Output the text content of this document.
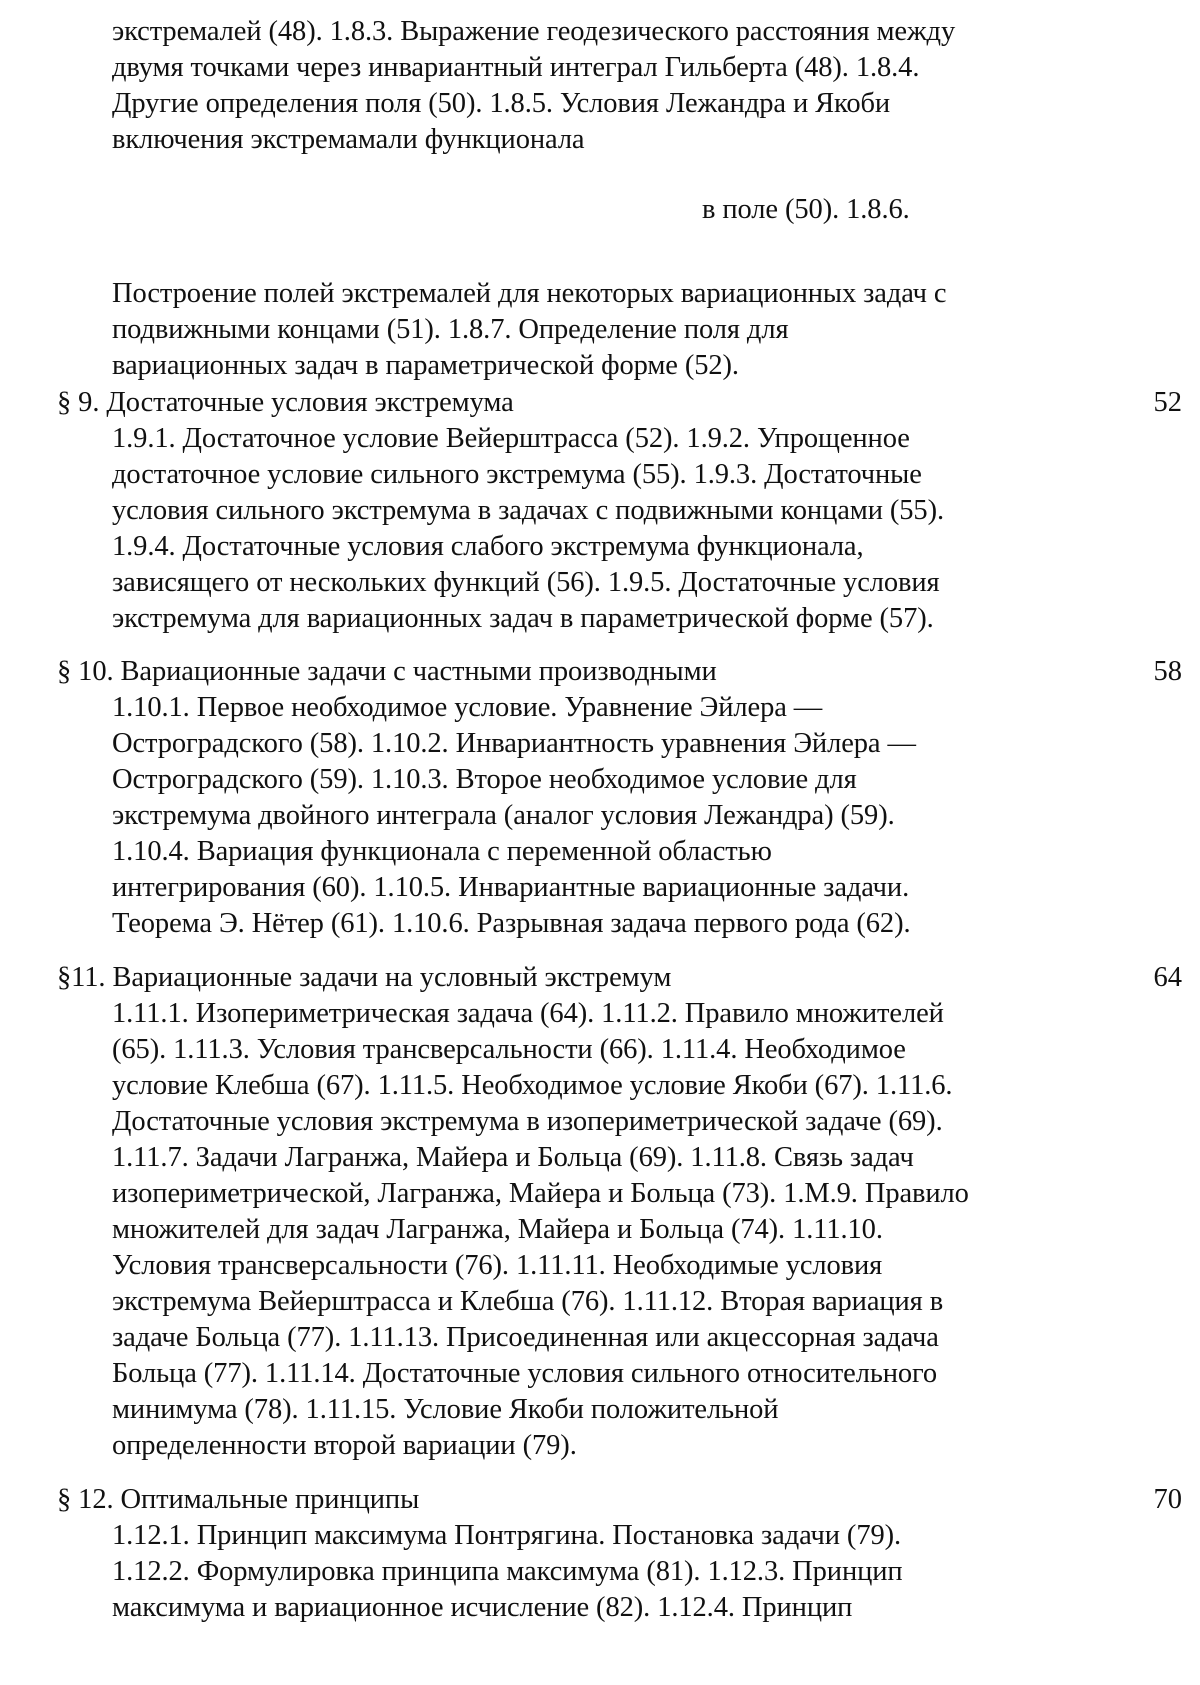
экстремалей (48). 1.8.3. Выражение геодезического расстояния между
двумя точками через инвариантный интеграл Гильберта (48). 1.8.4.
Другие определения поля (50). 1.8.5. Условия Лежандра и Якоби
включения экстремамали функционала
в поле (50). 1.8.6.
Построение полей экстремалей для некоторых вариационных задач с
подвижными концами (51). 1.8.7. Определение поля для
вариационных задач в параметрической форме (52).
§ 9. Достаточные условия экстремума	52
1.9.1. Достаточное условие Вейерштрасса (52). 1.9.2. Упрощенное
достаточное условие сильного экстремума (55). 1.9.3. Достаточные
условия сильного экстремума в задачах с подвижными концами (55).
1.9.4. Достаточные условия слабого экстремума функционала,
зависящего от нескольких функций (56). 1.9.5. Достаточные условия
экстремума для вариационных задач в параметрической форме (57).
§ 10. Вариационные задачи с частными производными	58
1.10.1. Первое необходимое условие. Уравнение Эйлера —
Остроградского (58). 1.10.2. Инвариантность уравнения Эйлера —
Остроградского (59). 1.10.3. Второе необходимое условие для
экстремума двойного интеграла (аналог условия Лежандра) (59).
1.10.4. Вариация функционала с переменной областью
интегрирования (60). 1.10.5. Инвариантные вариационные задачи.
Теорема Э. Нётер (61). 1.10.6. Разрывная задача первого рода (62).
§11. Вариационные задачи на условный экстремум	64
1.11.1. Изопериметрическая задача (64). 1.11.2. Правило множителей
(65). 1.11.3. Условия трансверсальности (66). 1.11.4. Необходимое
условие Клебша (67). 1.11.5. Необходимое условие Якоби (67). 1.11.6.
Достаточные условия экстремума в изопериметрической задаче (69).
1.11.7. Задачи Лагранжа, Майера и Больца (69). 1.11.8. Связь задач
изопериметрической, Лагранжа, Майера и Больца (73). 1.М.9. Правило
множителей для задач Лагранжа, Майера и Больца (74). 1.11.10.
Условия трансверсальности (76). 1.11.11. Необходимые условия
экстремума Вейерштрасса и Клебша (76). 1.11.12. Вторая вариация в
задаче Больца (77). 1.11.13. Присоединенная или акцессорная задача
Больца (77). 1.11.14. Достаточные условия сильного относительного
минимума (78). 1.11.15. Условие Якоби положительной
определенности второй вариации (79).
§ 12. Оптимальные принципы	70
1.12.1. Принцип максимума Понтрягина. Постановка задачи (79).
1.12.2. Формулировка принципа максимума (81). 1.12.3. Принцип
максимума и вариационное исчисление (82). 1.12.4. Принцип
